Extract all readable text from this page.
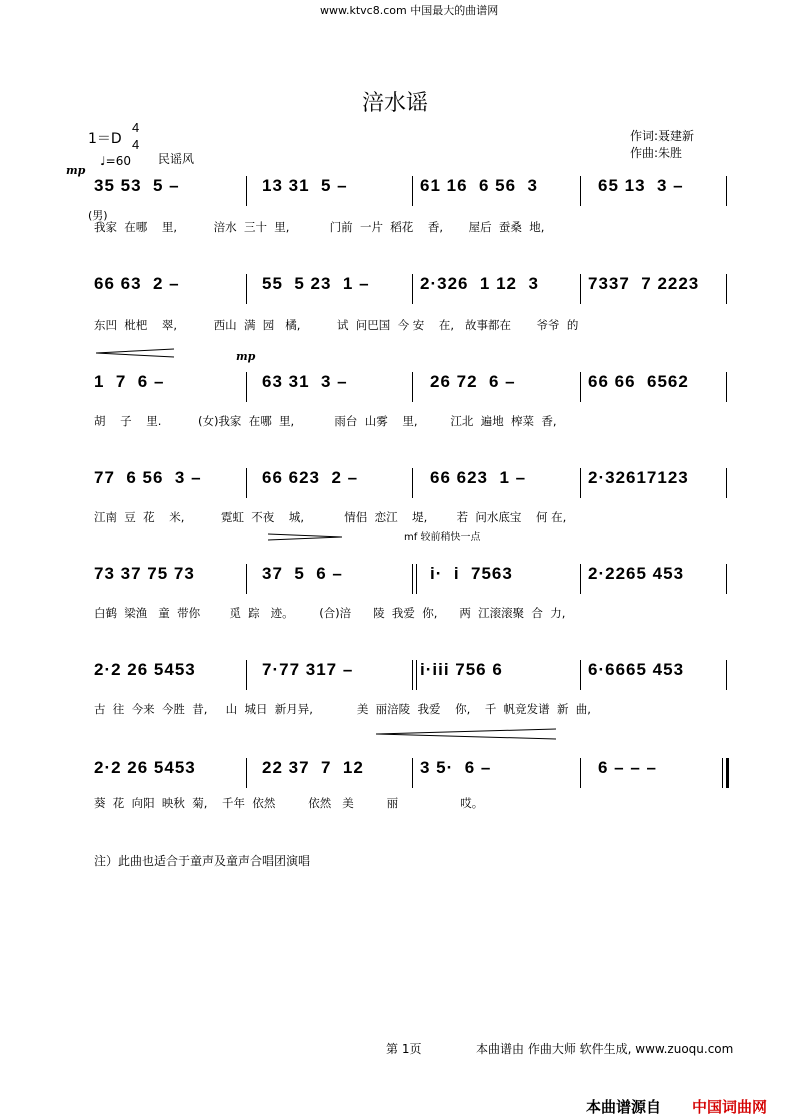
www.ktvc8.com 中国最大的曲谱网
涪水谣
1＝D
4
4
mp
♩=60 民谣风
作词:聂建新
作曲:朱胜

35 53  5 –

	13 31  5 –

	61 16  6 56  3

	65 13  3 –

(男)
我家  在哪    里,          涪水  三十  里,           门前  一片  稻花    香,       屋后  蚕桑  地,

66 63  2 –

	55  5 23  1 –

	2·326  1 12  3

	7337  7 2223

东凹  枇杷    翠,          西山  满  园   橘,          试  问巴国  今 安    在,   故事都在       爷爷  的
mp

1  7  6 –

	63 31  3 –

	26 72  6 –

	66 66  6562

胡    子    里.          (女)我家  在哪  里,           雨台  山雾    里,         江北  遍地  榨菜  香,

77  6 56  3 –

	66 623  2 –

	66 623  1 –

	2·32617123

江南  豆  花    米,          霓虹  不夜    城,           情侣  恋江    堤,        若  问水底宝    何 在,
mf 较前稍快一点

73 37 75 73

	37  5  6 –

	i·  i  7563

	2·2265 453

白鹤  梁渔   童  带你        觅  踪   迹。       (合)涪      陵  我爱  你,      两  江滚滚聚  合  力,

2·2 26 5453

	7·77 317 –

	i·iii 756 6

	6·6665 453

古  往  今来  今胜  昔,     山  城日  新月异,            美  丽涪陵  我爱    你,    千  帆竞发谱  新  曲,

2·2 26 5453

	22 37  7  12

	3 5·  6 –

	6 – – –

葵  花  向阳  映秋  菊,    千年  依然         依然   美         丽                 哎。
注）此曲也适合于童声及童声合唱团演唱
第 1页	本曲谱由 作曲大师 软件生成, www.zuoqu.com
本曲谱源自 中国词曲网
